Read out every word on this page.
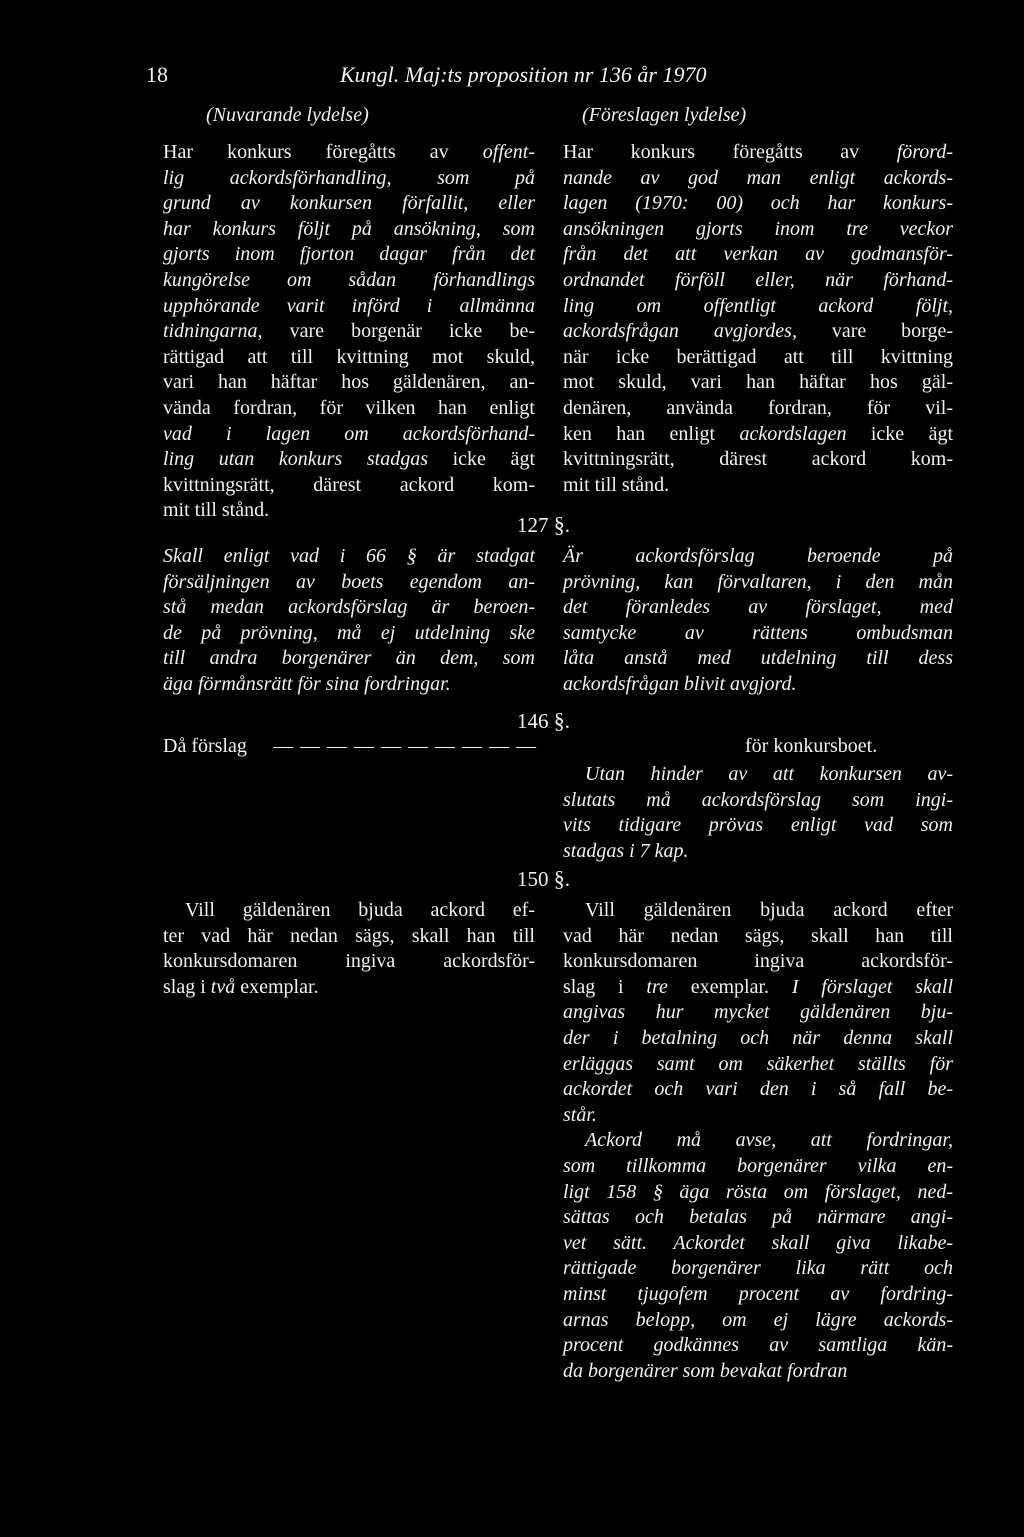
18	Kungl. Maj:ts proposition nr 136 år 1970
(Nuvarande lydelse)	(Föreslagen lydelse)

Har konkurs föregåtts av offent-
lig ackordsförhandling, som på
grund av konkursen förfallit, eller
har konkurs följt på ansökning, som
gjorts inom fjorton dagar från det
kungörelse om sådan förhandlings
upphörande varit införd i allmänna
tidningarna, vare borgenär icke be-
rättigad att till kvittning mot skuld,
vari han häftar hos gäldenären, an-
vända fordran, för vilken han enligt
vad i lagen om ackordsförhand-
ling utan konkurs stadgas icke ägt
kvittningsrätt, därest ackord kom-
mit till stånd.

Har konkurs föregåtts av förord-
nande av god man enligt ackords-
lagen (1970: 00) och har konkurs-
ansökningen gjorts inom tre veckor
från det att verkan av godmansför-
ordnandet förföll eller, när förhand-
ling om offentligt ackord följt,
ackordsfrågan avgjordes, vare borge-
när icke berättigad att till kvittning
mot skuld, vari han häftar hos gäl-
denären, använda fordran, för vil-
ken han enligt ackordslagen icke ägt
kvittningsrätt, därest ackord kom-
mit till stånd.

127 §.

Skall enligt vad i 66 § är stadgat
försäljningen av boets egendom an-
stå medan ackordsförslag är beroen-
de på prövning, må ej utdelning ske
till andra borgenärer än dem, som
äga förmånsrätt för sina fordringar.

Är ackordsförslag beroende på
prövning, kan förvaltaren, i den mån
det föranledes av förslaget, med
samtycke av rättens ombudsman
låta anstå med utdelning till dess
ackordsfrågan blivit avgjord.

146 §.
Då förslag — — — — — — — — — —	för konkursboet.

Utan hinder av att konkursen av-
slutats må ackordsförslag som ingi-
vits tidigare prövas enligt vad som
stadgas i 7 kap.

150 §.

Vill gäldenären bjuda ackord ef-
ter vad här nedan sägs, skall han till
konkursdomaren ingiva ackordsför-
slag i två exemplar.

Vill gäldenären bjuda ackord efter
vad här nedan sägs, skall han till
konkursdomaren ingiva ackordsför-
slag i tre exemplar. I förslaget skall
angivas hur mycket gäldenären bju-
der i betalning och när denna skall
erläggas samt om säkerhet ställts för
ackordet och vari den i så fall be-
står.
Ackord må avse, att fordringar,
som tillkomma borgenärer vilka en-
ligt 158 § äga rösta om förslaget, ned-
sättas och betalas på närmare angi-
vet sätt. Ackordet skall giva likabe-
rättigade borgenärer lika rätt och
minst tjugofem procent av fordring-
arnas belopp, om ej lägre ackords-
procent godkännes av samtliga kän-
da borgenärer som bevakat fordran
